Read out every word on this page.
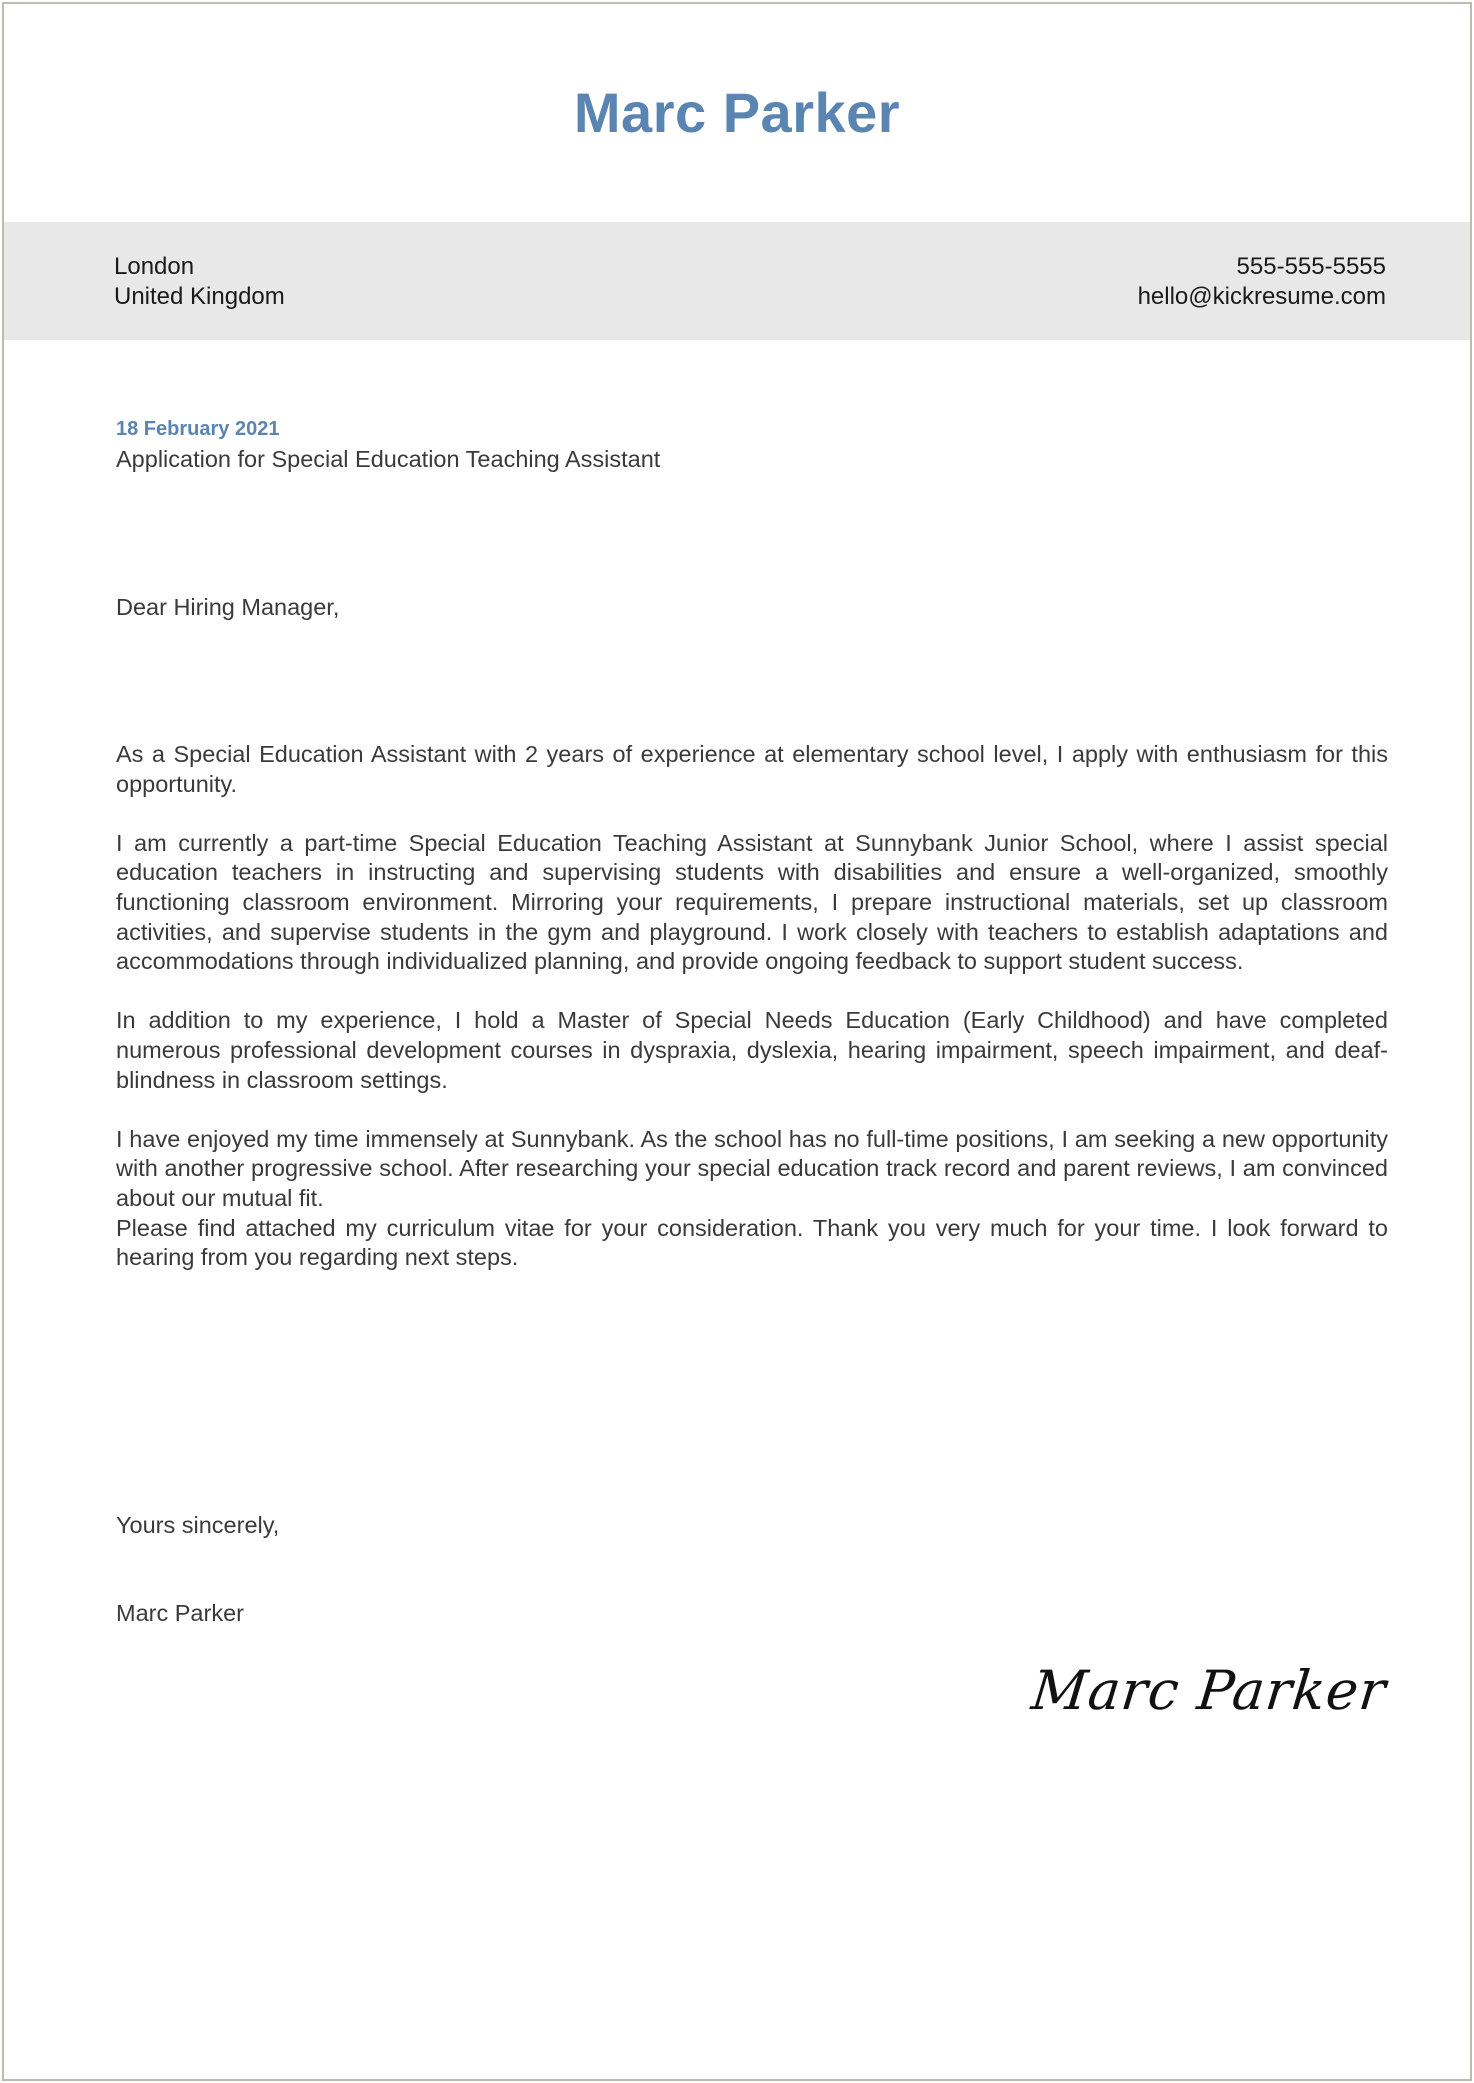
Marc Parker
London
United Kingdom
555-555-5555
hello@kickresume.com
18 February 2021
Application for Special Education Teaching Assistant
Dear Hiring Manager,

As a Special Education Assistant with 2 years of experience at elementary school level, I apply with enthusiasm for this opportunity.

I am currently a part-time Special Education Teaching Assistant at Sunnybank Junior School, where I assist special education teachers in instructing and supervising students with disabilities and ensure a well-organized, smoothly functioning classroom environment. Mirroring your requirements, I prepare instructional materials, set up classroom activities, and supervise students in the gym and playground. I work closely with teachers to establish adaptations and accommodations through individualized planning, and provide ongoing feedback to support student success.

In addition to my experience, I hold a Master of Special Needs Education (Early Childhood) and have completed numerous professional development courses in dyspraxia, dyslexia, hearing impairment, speech impairment, and deaf-blindness in classroom settings.

I have enjoyed my time immensely at Sunnybank. As the school has no full-time positions, I am seeking a new opportunity with another progressive school. After researching your special education track record and parent reviews, I am convinced about our mutual fit.

Please find attached my curriculum vitae for your consideration. Thank you very much for your time. I look forward to hearing from you regarding next steps.

Yours sincerely,
Marc Parker
Marc Parker
